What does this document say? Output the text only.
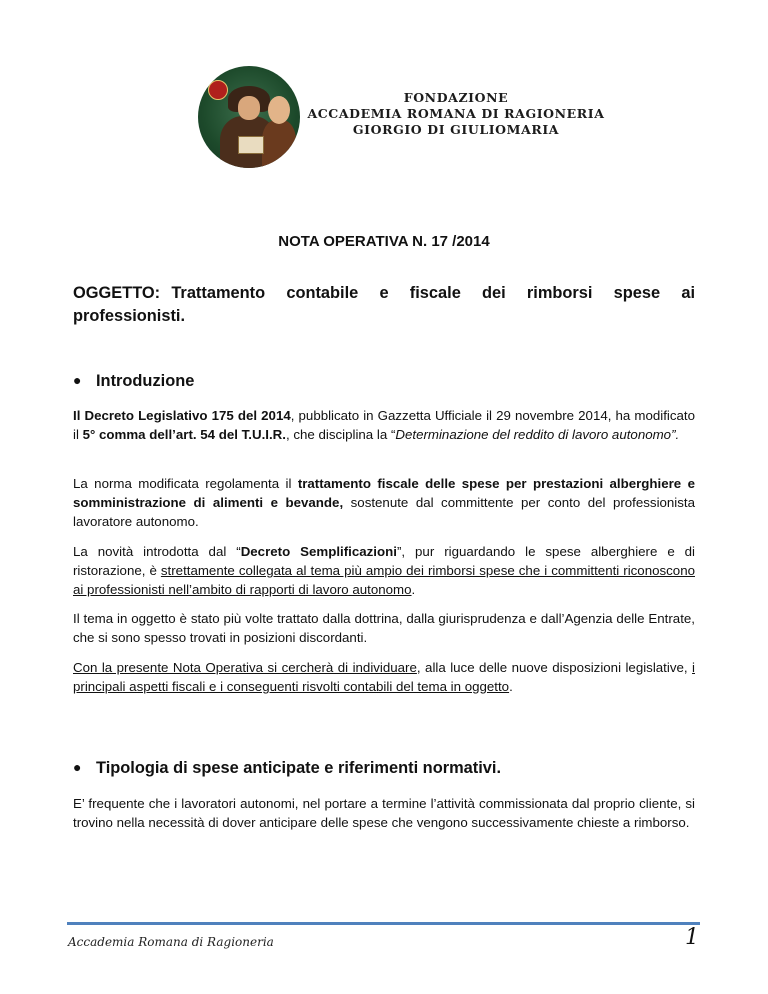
FONDAZIONE
ACCADEMIA ROMANA DI RAGIONERIA
GIORGIO DI GIULIOMARIA
NOTA OPERATIVA N. 17 /2014
OGGETTO: Trattamento contabile e fiscale dei rimborsi spese ai professionisti.
● Introduzione

Il Decreto Legislativo 175 del 2014, pubblicato in Gazzetta Ufficiale il 29 novembre 2014, ha modificato il 5° comma dell’art. 54 del T.U.I.R., che disciplina la “Determinazione del reddito di lavoro autonomo”.

La norma modificata regolamenta il trattamento fiscale delle spese per prestazioni alberghiere e somministrazione di alimenti e bevande, sostenute dal committente per conto del professionista lavoratore autonomo.

La novità introdotta dal “Decreto Semplificazioni”, pur riguardando le spese alberghiere e di ristorazione, è strettamente collegata al tema più ampio dei rimborsi spese che i committenti riconoscono ai professionisti nell’ambito di rapporti di lavoro autonomo.

Il tema in oggetto è stato più volte trattato dalla dottrina, dalla giurisprudenza e dall’Agenzia delle Entrate, che si sono spesso trovati in posizioni discordanti.

Con la presente Nota Operativa si cercherà di individuare, alla luce delle nuove disposizioni legislative, i principali aspetti fiscali e i conseguenti risvolti contabili del tema in oggetto.

● Tipologia di spese anticipate e riferimenti normativi.

E’ frequente che i lavoratori autonomi, nel portare a termine l’attività commissionata dal proprio cliente, si trovino nella necessità di dover anticipare delle spese che vengono successivamente chieste a rimborso.

Accademia Romana di Ragioneria	1
